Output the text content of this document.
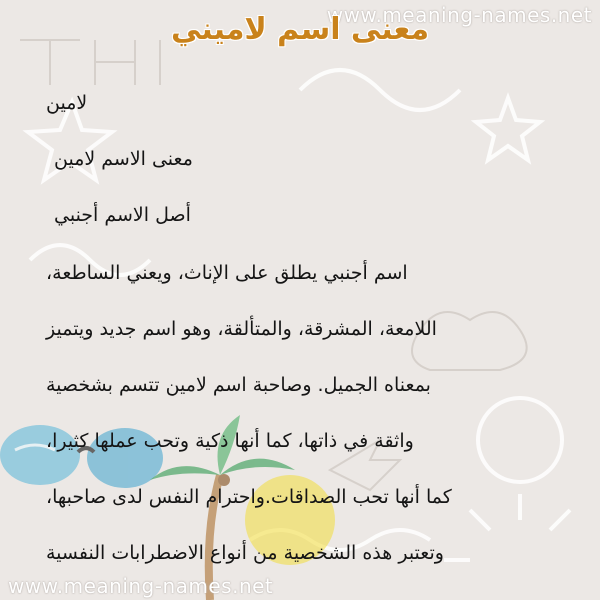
www.meaning-names.net
معنى اسم لاميني
لامين
معنى الاسم لامين
أصل الاسم أجنبي
اسم أجنبي يطلق على الإناث، ويعني الساطعة،
اللامعة، المشرقة، والمتألقة، وهو اسم جديد ويتميز
بمعناه الجميل. وصاحبة اسم لامين تتسم بشخصية
واثقة في ذاتها، كما أنها ذكية وتحب عملها كثيرا،
كما أنها تحب الصداقات.واحترام النفس لدى صاحبها،
وتعتبر هذه الشخصية من أنواع الاضطرابات النفسية
www.meaning-names.net
